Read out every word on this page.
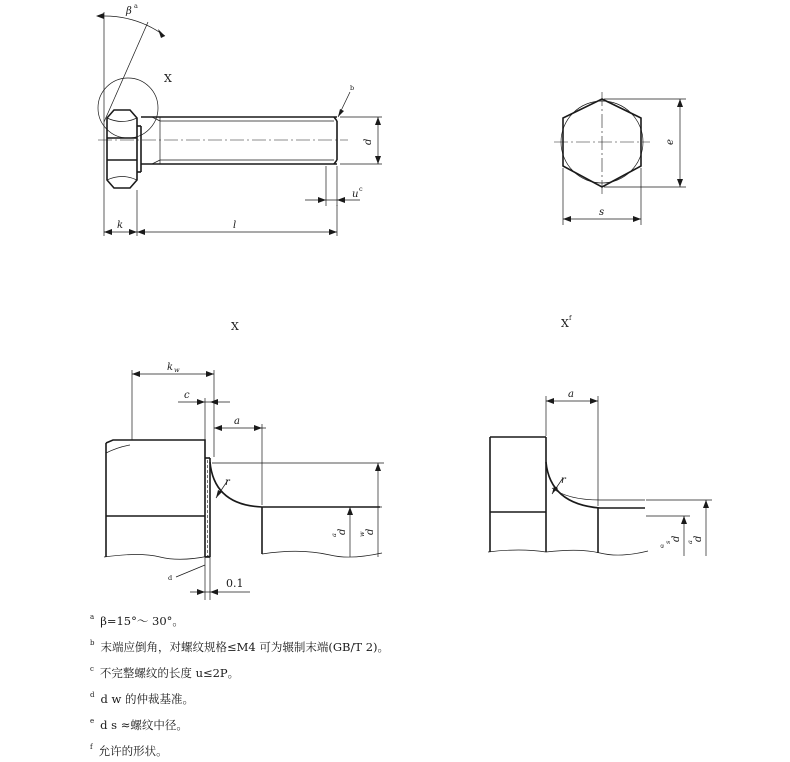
β a
X
b
d
u c
k	l
e
s
X
k w
c
a
r
d
a
d
w
d	0.1
X f
a
r
d
s
e
d
a
$^a$ β=15°～ 30°。
$^b$ 末端应倒角，对螺纹规格≤M4 可为辗制末端(GB/T 2)。
$^c$ 不完整螺纹的长度 u≤2P。
$^d$ d w 的仲裁基准。
$^e$ d s ≈螺纹中径。
$^f$ 允许的形状。
